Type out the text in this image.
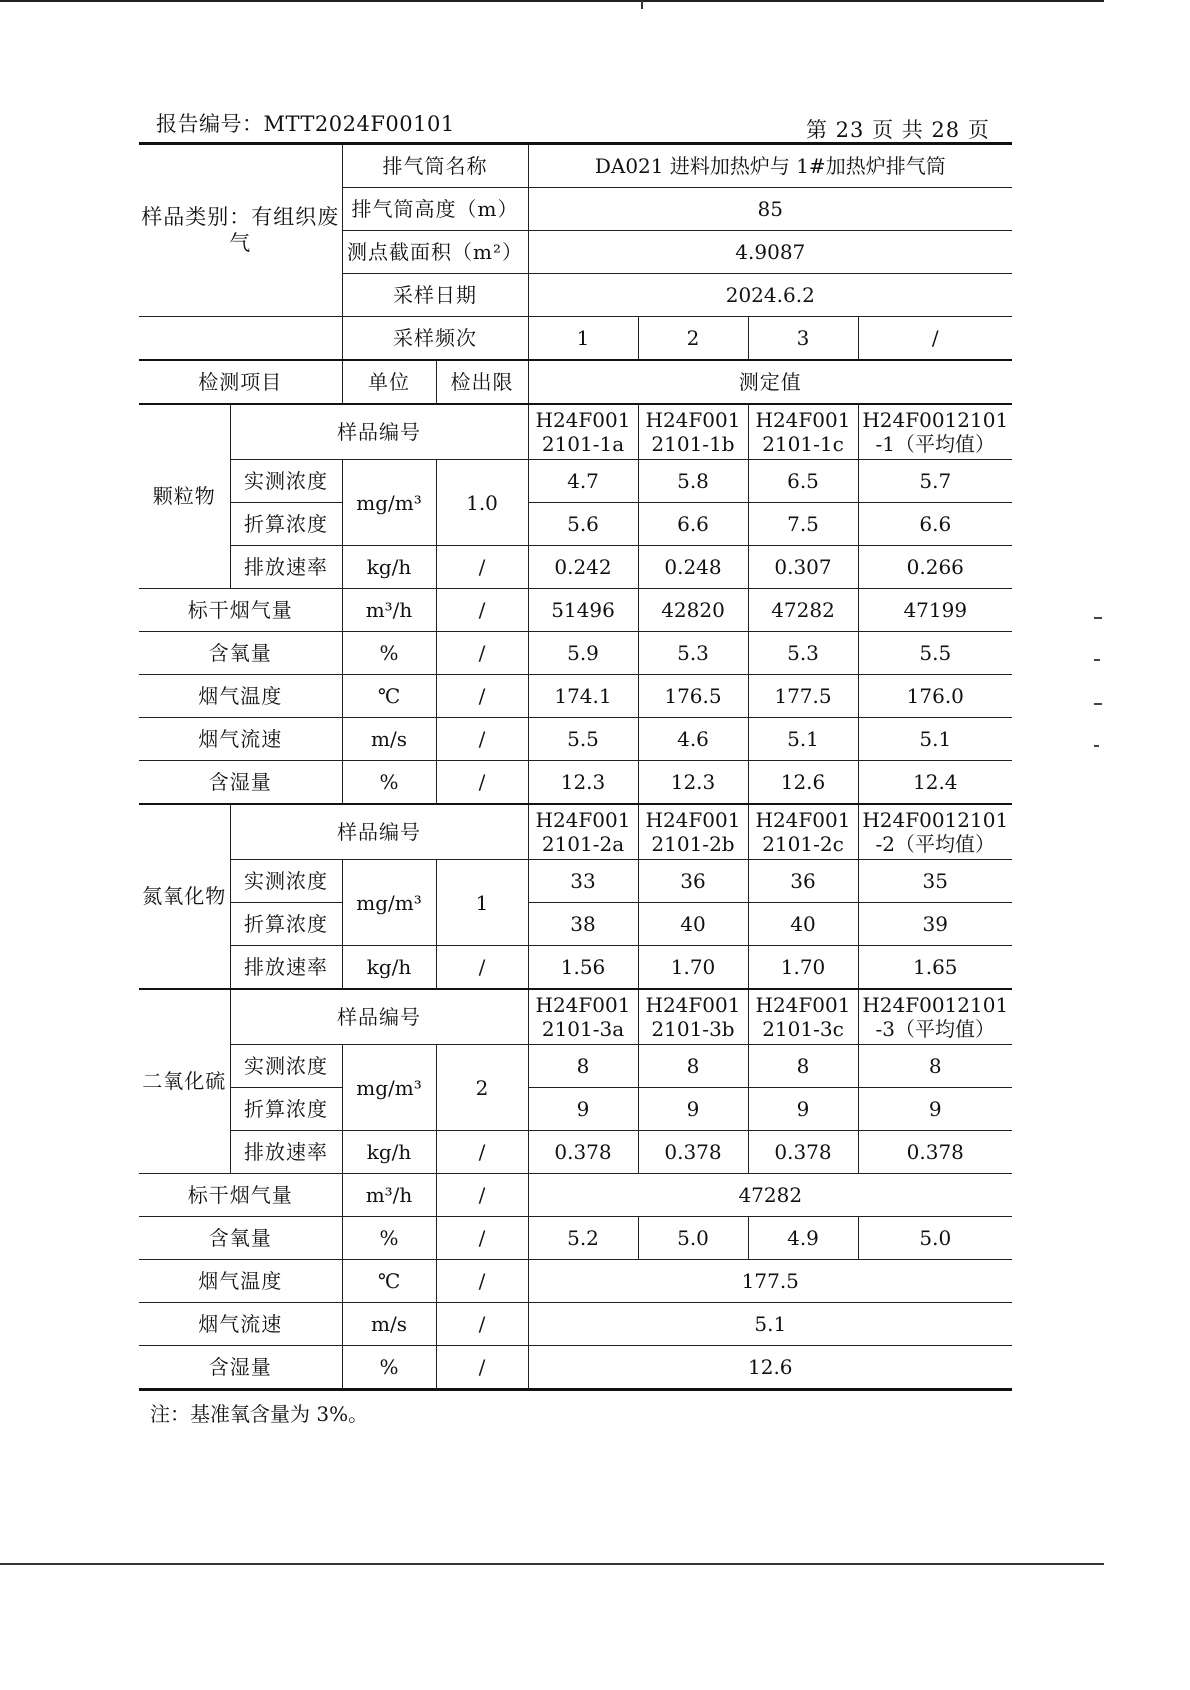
报告编号：MTT2024F00101	第 23 页 共 28 页
样品类别：有组织废气		排气筒名称		DA021 进料加热炉与 1#加热炉排气筒			
		排气筒高度（m）		85			
		测点截面积（m²）		4.9087			
		采样日期		2024.6.2			
		采样频次		1	2	3	/
检测项目		单位	检出限	测定值			
颗粒物	样品编号			H24F001 2101-1a	H24F001 2101-1b	H24F001 2101-1c	H24F0012101 -1（平均值）
	实测浓度	mg/m³	1.0	4.7	5.8	6.5	5.7
	折算浓度			5.6	6.6	7.5	6.6
	排放速率	kg/h	/	0.242	0.248	0.307	0.266
标干烟气量		m³/h	/	51496	42820	47282	47199
含氧量		%	/	5.9	5.3	5.3	5.5
烟气温度		℃	/	174.1	176.5	177.5	176.0
烟气流速		m/s	/	5.5	4.6	5.1	5.1
含湿量		%	/	12.3	12.3	12.6	12.4
氮氧化物	样品编号			H24F001 2101-2a	H24F001 2101-2b	H24F001 2101-2c	H24F0012101 -2（平均值）
	实测浓度	mg/m³	1	33	36	36	35
	折算浓度			38	40	40	39
	排放速率	kg/h	/	1.56	1.70	1.70	1.65
二氧化硫	样品编号			H24F001 2101-3a	H24F001 2101-3b	H24F001 2101-3c	H24F0012101 -3（平均值）
	实测浓度	mg/m³	2	8	8	8	8
	折算浓度			9	9	9	9
	排放速率	kg/h	/	0.378	0.378	0.378	0.378
标干烟气量		m³/h	/	47282			
含氧量		%	/	5.2	5.0	4.9	5.0
烟气温度		℃	/	177.5			
烟气流速		m/s	/	5.1			
含湿量		%	/	12.6			
注：基准氧含量为 3%。
